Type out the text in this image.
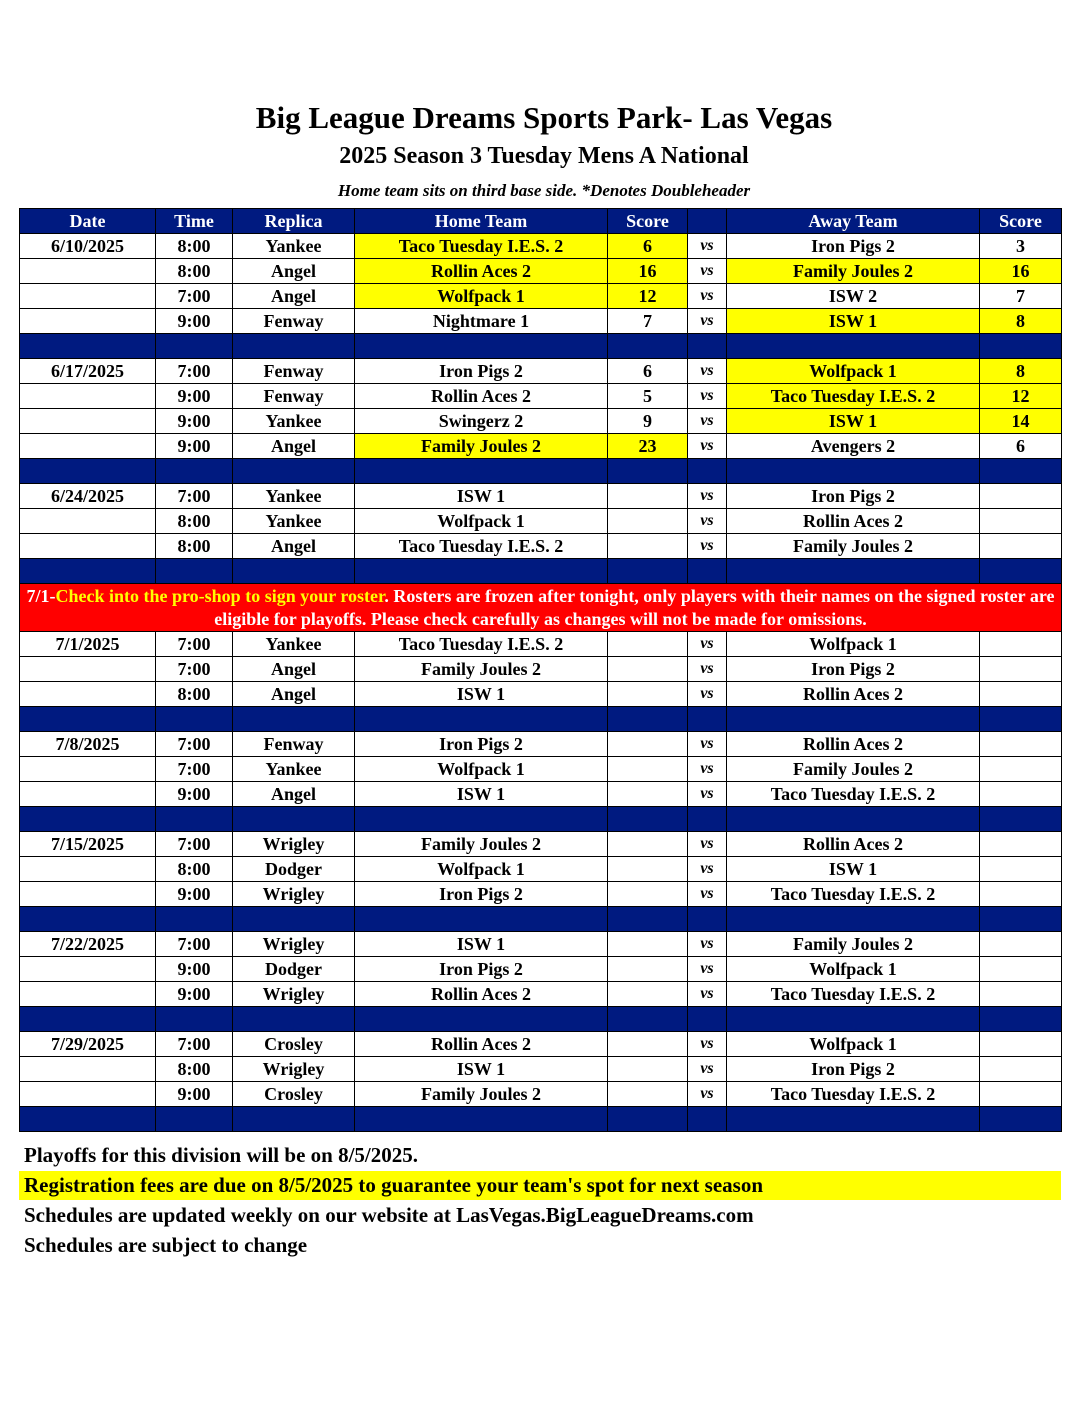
Big League Dreams Sports Park- Las Vegas
2025 Season 3 Tuesday Mens A National
Home team sits on third base side. *Denotes Doubleheader
Date	Time	Replica	Home Team	Score		Away Team	Score
6/10/2025	8:00	Yankee	Taco Tuesday I.E.S. 2	6	vs	Iron Pigs 2	3
	8:00	Angel	Rollin Aces 2	16	vs	Family Joules 2	16
	7:00	Angel	Wolfpack 1	12	vs	ISW 2	7
	9:00	Fenway	Nightmare 1	7	vs	ISW 1	8

6/17/2025	7:00	Fenway	Iron Pigs 2	6	vs	Wolfpack 1	8
	9:00	Fenway	Rollin Aces 2	5	vs	Taco Tuesday I.E.S. 2	12
	9:00	Yankee	Swingerz 2	9	vs	ISW 1	14
	9:00	Angel	Family Joules 2	23	vs	Avengers 2	6

6/24/2025	7:00	Yankee	ISW 1		vs	Iron Pigs 2	
	8:00	Yankee	Wolfpack 1		vs	Rollin Aces 2	
	8:00	Angel	Taco Tuesday I.E.S. 2		vs	Family Joules 2	

7/1-Check into the pro-shop to sign your roster. Rosters are frozen after tonight, only players with their names on the signed roster are eligible for playoffs. Please check carefully as changes will not be made for omissions.							
7/1/2025	7:00	Yankee	Taco Tuesday I.E.S. 2		vs	Wolfpack 1	
	7:00	Angel	Family Joules 2		vs	Iron Pigs 2	
	8:00	Angel	ISW 1		vs	Rollin Aces 2	

7/8/2025	7:00	Fenway	Iron Pigs 2		vs	Rollin Aces 2	
	7:00	Yankee	Wolfpack 1		vs	Family Joules 2	
	9:00	Angel	ISW 1		vs	Taco Tuesday I.E.S. 2	

7/15/2025	7:00	Wrigley	Family Joules 2		vs	Rollin Aces 2	
	8:00	Dodger	Wolfpack 1		vs	ISW 1	
	9:00	Wrigley	Iron Pigs 2		vs	Taco Tuesday I.E.S. 2	

7/22/2025	7:00	Wrigley	ISW 1		vs	Family Joules 2	
	9:00	Dodger	Iron Pigs 2		vs	Wolfpack 1	
	9:00	Wrigley	Rollin Aces 2		vs	Taco Tuesday I.E.S. 2	

7/29/2025	7:00	Crosley	Rollin Aces 2		vs	Wolfpack 1	
	8:00	Wrigley	ISW 1		vs	Iron Pigs 2	
	9:00	Crosley	Family Joules 2		vs	Taco Tuesday I.E.S. 2	

Playoffs for this division will be on 8/5/2025.
Registration fees are due on 8/5/2025 to guarantee your team's spot for next season
Schedules are updated weekly on our website at LasVegas.BigLeagueDreams.com
Schedules are subject to change
